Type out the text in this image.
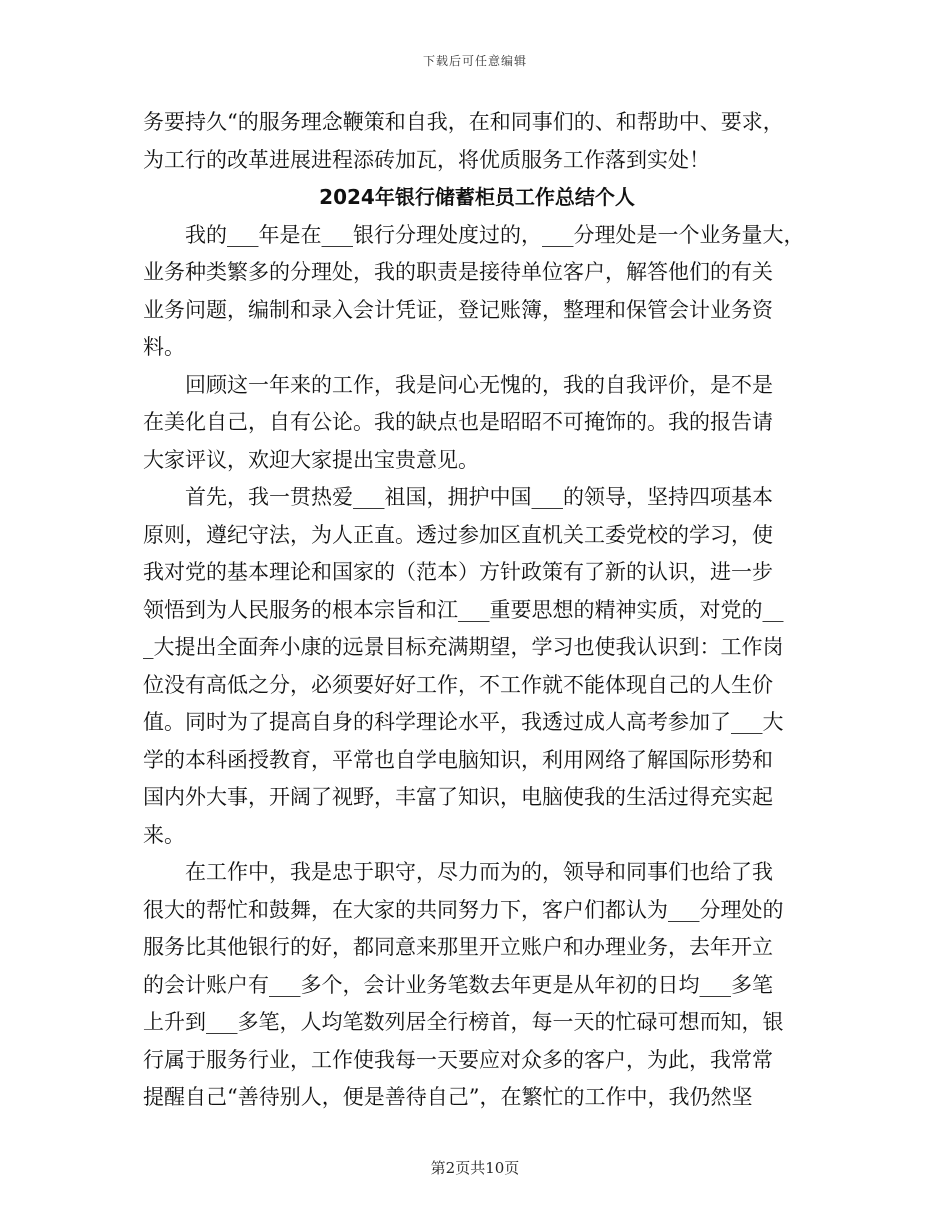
下载后可任意编辑
务要持久“的服务理念鞭策和自我，在和同事们的、和帮助中、要求，
为工行的改革进展进程添砖加瓦，将优质服务工作落到实处！
2024年银行储蓄柜员工作总结个人
　　我的___年是在___银行分理处度过的，___分理处是一个业务量大，
业务种类繁多的分理处，我的职责是接待单位客户，解答他们的有关
业务问题，编制和录入会计凭证，登记账簿，整理和保管会计业务资
料。
　　回顾这一年来的工作，我是问心无愧的，我的自我评价，是不是
在美化自己，自有公论。我的缺点也是昭昭不可掩饰的。我的报告请
大家评议，欢迎大家提出宝贵意见。
　　首先，我一贯热爱___祖国，拥护中国___的领导，坚持四项基本
原则，遵纪守法，为人正直。透过参加区直机关工委党校的学习，使
我对党的基本理论和国家的（范本）方针政策有了新的认识，进一步
领悟到为人民服务的根本宗旨和江___重要思想的精神实质，对党的__
_大提出全面奔小康的远景目标充满期望，学习也使我认识到：工作岗
位没有高低之分，必须要好好工作，不工作就不能体现自己的人生价
值。同时为了提高自身的科学理论水平，我透过成人高考参加了___大
学的本科函授教育，平常也自学电脑知识，利用网络了解国际形势和
国内外大事，开阔了视野，丰富了知识，电脑使我的生活过得充实起
来。
　　在工作中，我是忠于职守，尽力而为的，领导和同事们也给了我
很大的帮忙和鼓舞，在大家的共同努力下，客户们都认为___分理处的
服务比其他银行的好，都同意来那里开立账户和办理业务，去年开立
的会计账户有___多个，会计业务笔数去年更是从年初的日均___多笔
上升到___多笔，人均笔数列居全行榜首，每一天的忙碌可想而知，银
行属于服务行业，工作使我每一天要应对众多的客户，为此，我常常
提醒自己“善待别人，便是善待自己”，在繁忙的工作中，我仍然坚
第2页共10页
